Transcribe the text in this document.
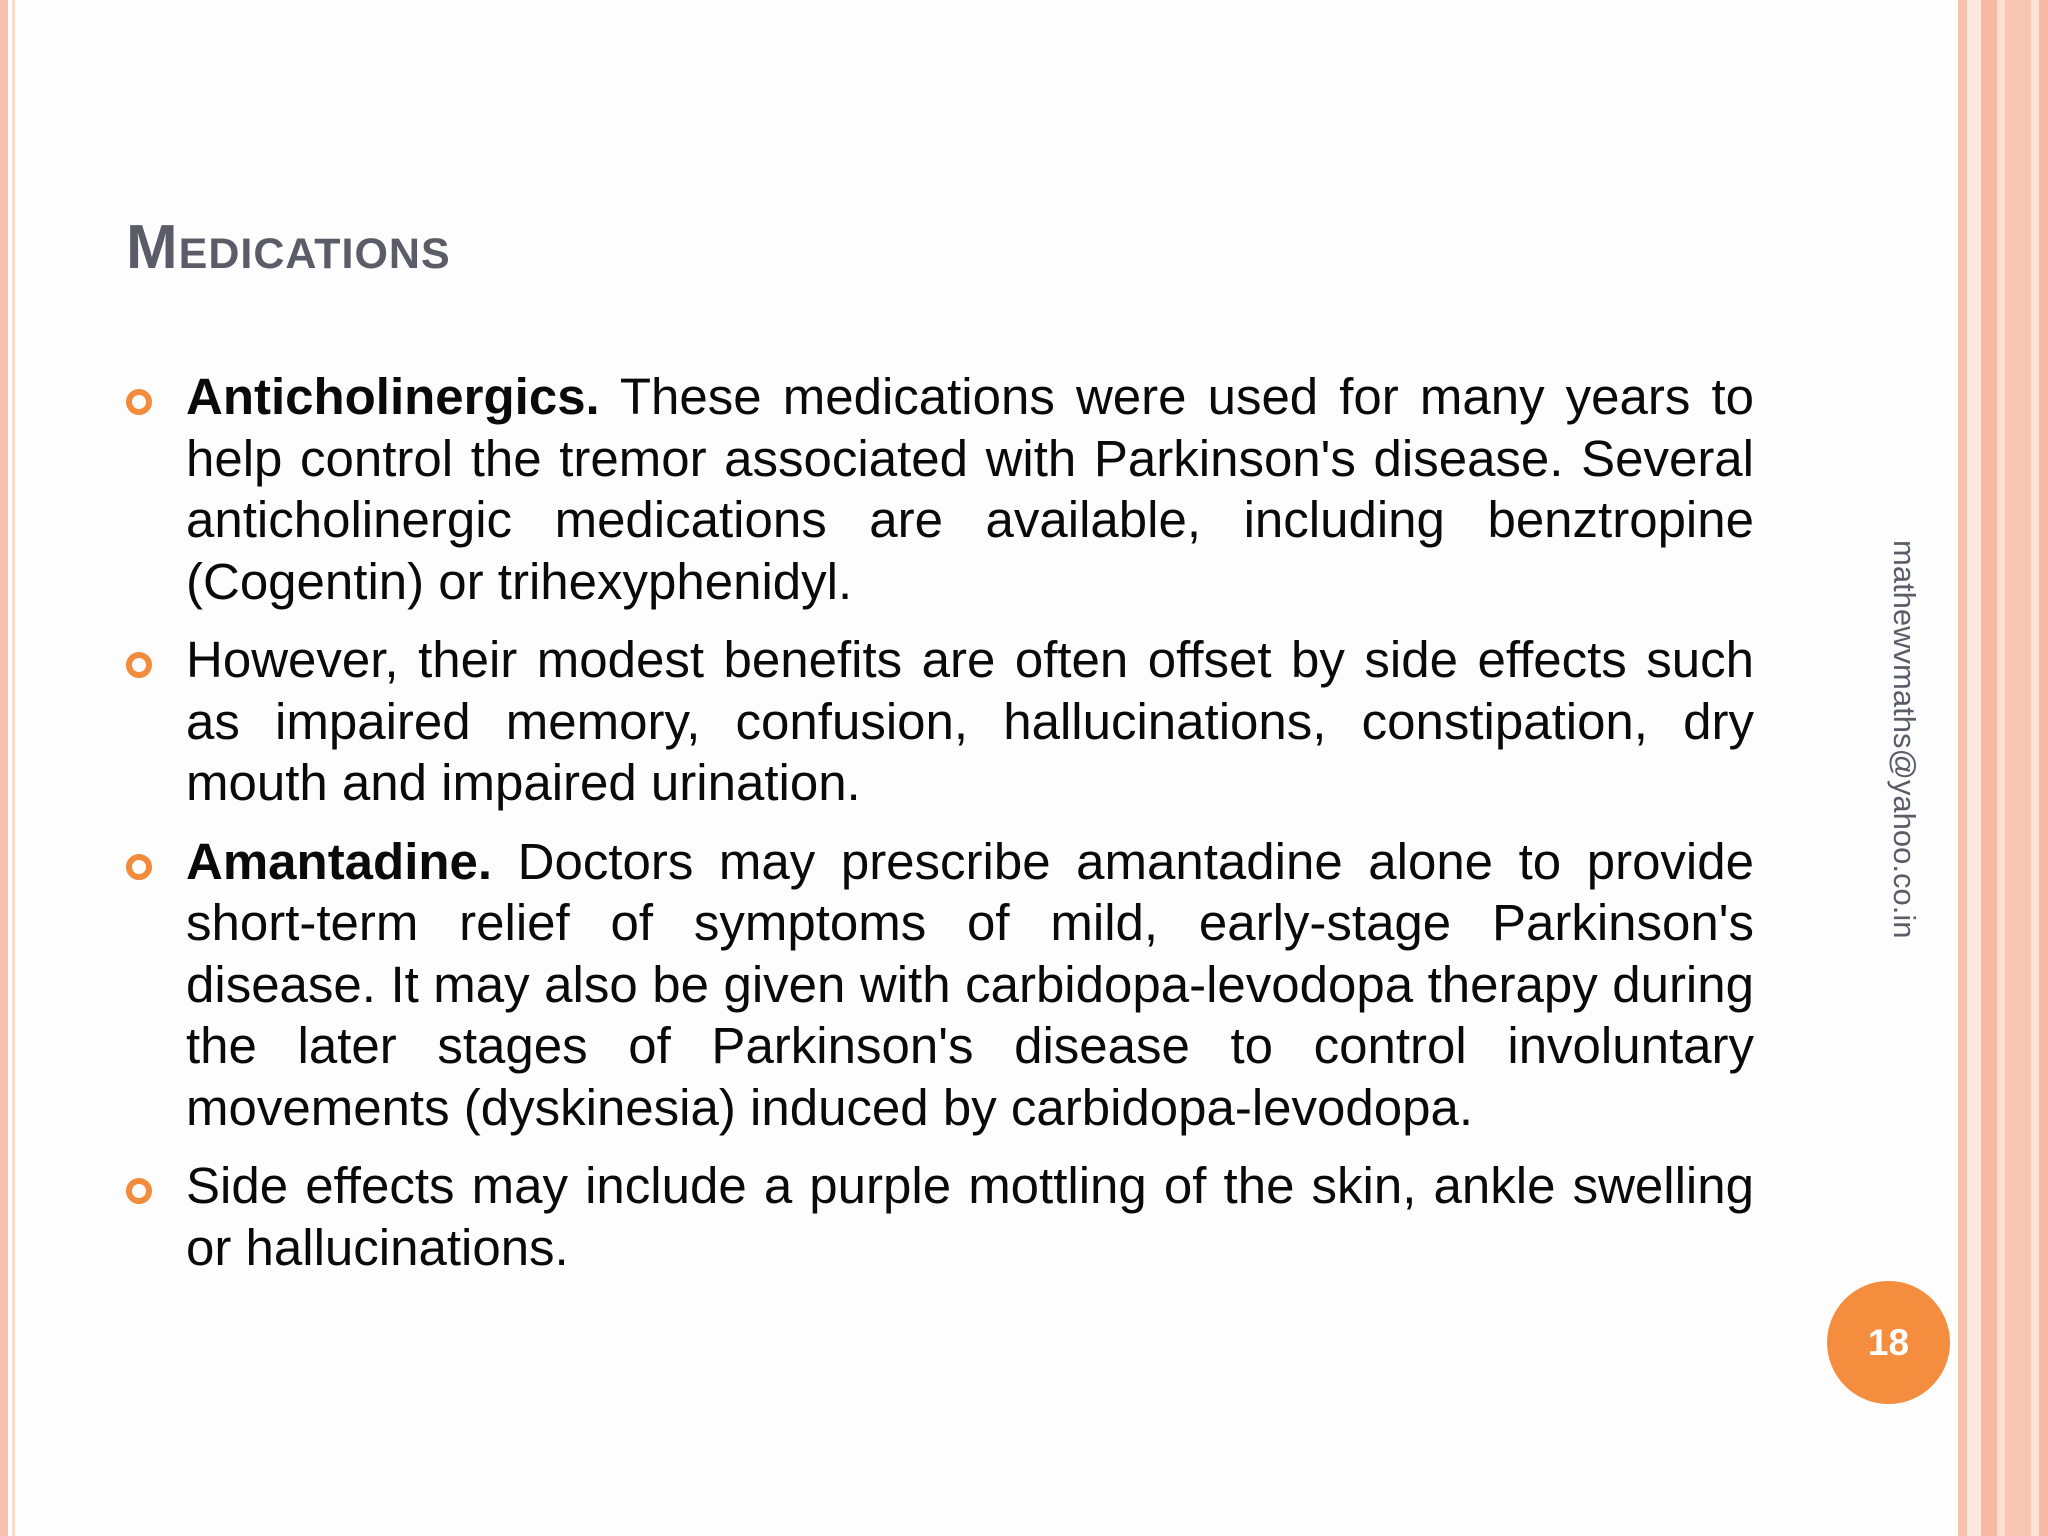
Medications
Anticholinergics. These medications were used for many years to help control the tremor associated with Parkinson's disease. Several anticholinergic medications are available, including benztropine (Cogentin) or trihexyphenidyl.
However, their modest benefits are often offset by side effects such as impaired memory, confusion, hallucinations, constipation, dry mouth and impaired urination.
Amantadine. Doctors may prescribe amantadine alone to provide short-term relief of symptoms of mild, early-stage Parkinson's disease. It may also be given with carbidopa-levodopa therapy during the later stages of Parkinson's disease to control involuntary movements (dyskinesia) induced by carbidopa-levodopa.
Side effects may include a purple mottling of the skin, ankle swelling or hallucinations.
mathewvmaths@yahoo.co.in
18
